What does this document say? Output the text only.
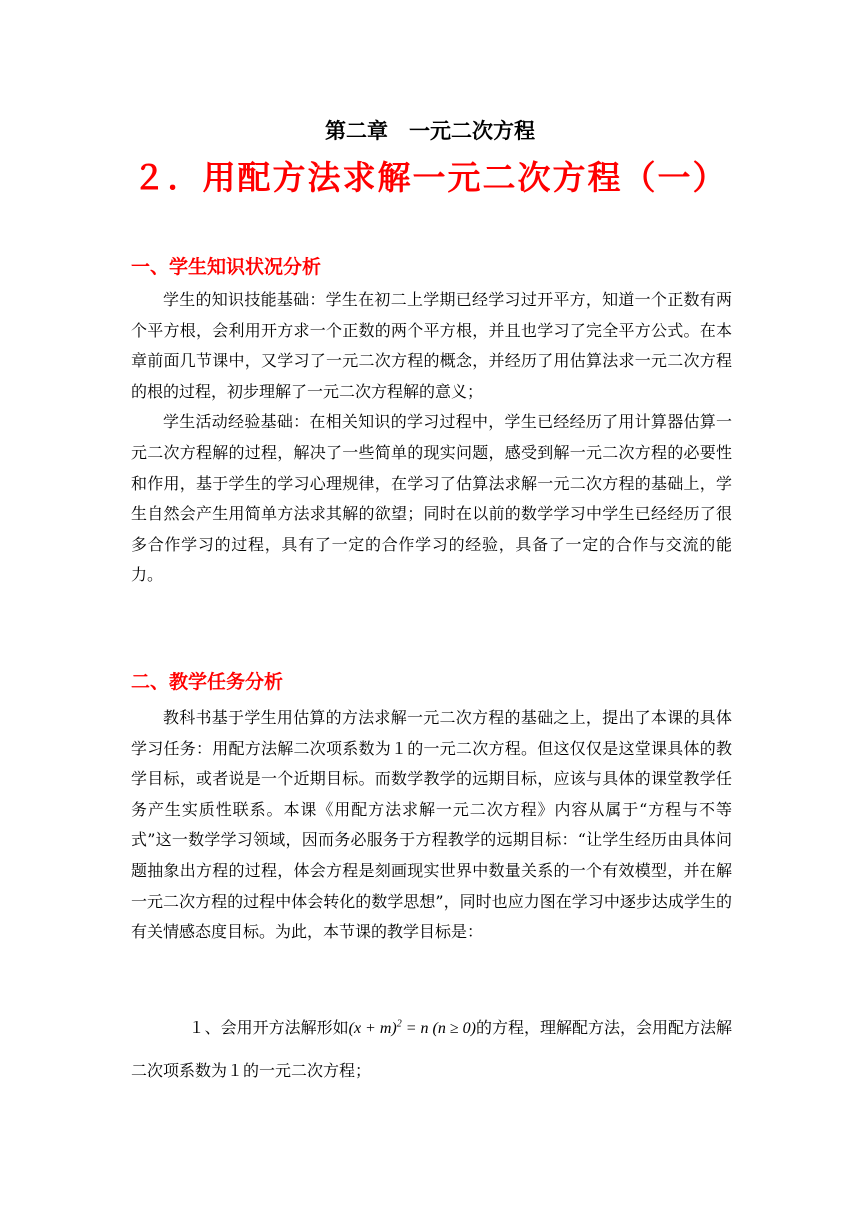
第二章　一元二次方程
２．用配方法求解一元二次方程（一）
一、学生知识状况分析

学生的知识技能基础：学生在初二上学期已经学习过开平方，知道一个正数有两个平方根，会利用开方求一个正数的两个平方根，并且也学习了完全平方公式。在本章前面几节课中，又学习了一元二次方程的概念，并经历了用估算法求一元二次方程的根的过程，初步理解了一元二次方程解的意义；

学生活动经验基础：在相关知识的学习过程中，学生已经经历了用计算器估算一元二次方程解的过程，解决了一些简单的现实问题，感受到解一元二次方程的必要性和作用，基于学生的学习心理规律，在学习了估算法求解一元二次方程的基础上，学生自然会产生用简单方法求其解的欲望；同时在以前的数学学习中学生已经经历了很多合作学习的过程，具有了一定的合作学习的经验，具备了一定的合作与交流的能力。

二、教学任务分析

教科书基于学生用估算的方法求解一元二次方程的基础之上，提出了本课的具体学习任务：用配方法解二次项系数为１的一元二次方程。但这仅仅是这堂课具体的教学目标，或者说是一个近期目标。而数学教学的远期目标，应该与具体的课堂教学任务产生实质性联系。本课《用配方法求解一元二次方程》内容从属于“方程与不等式”这一数学学习领域，因而务必服务于方程教学的远期目标：“让学生经历由具体问题抽象出方程的过程，体会方程是刻画现实世界中数量关系的一个有效模型，并在解一元二次方程的过程中体会转化的数学思想”，同时也应力图在学习中逐步达成学生的有关情感态度目标。为此，本节课的教学目标是：

１、会用开方法解形如$(x + m)^2 = n$ (n ≥ 0)的方程，理解配方法，会用配方法解二次项系数为１的一元二次方程；
